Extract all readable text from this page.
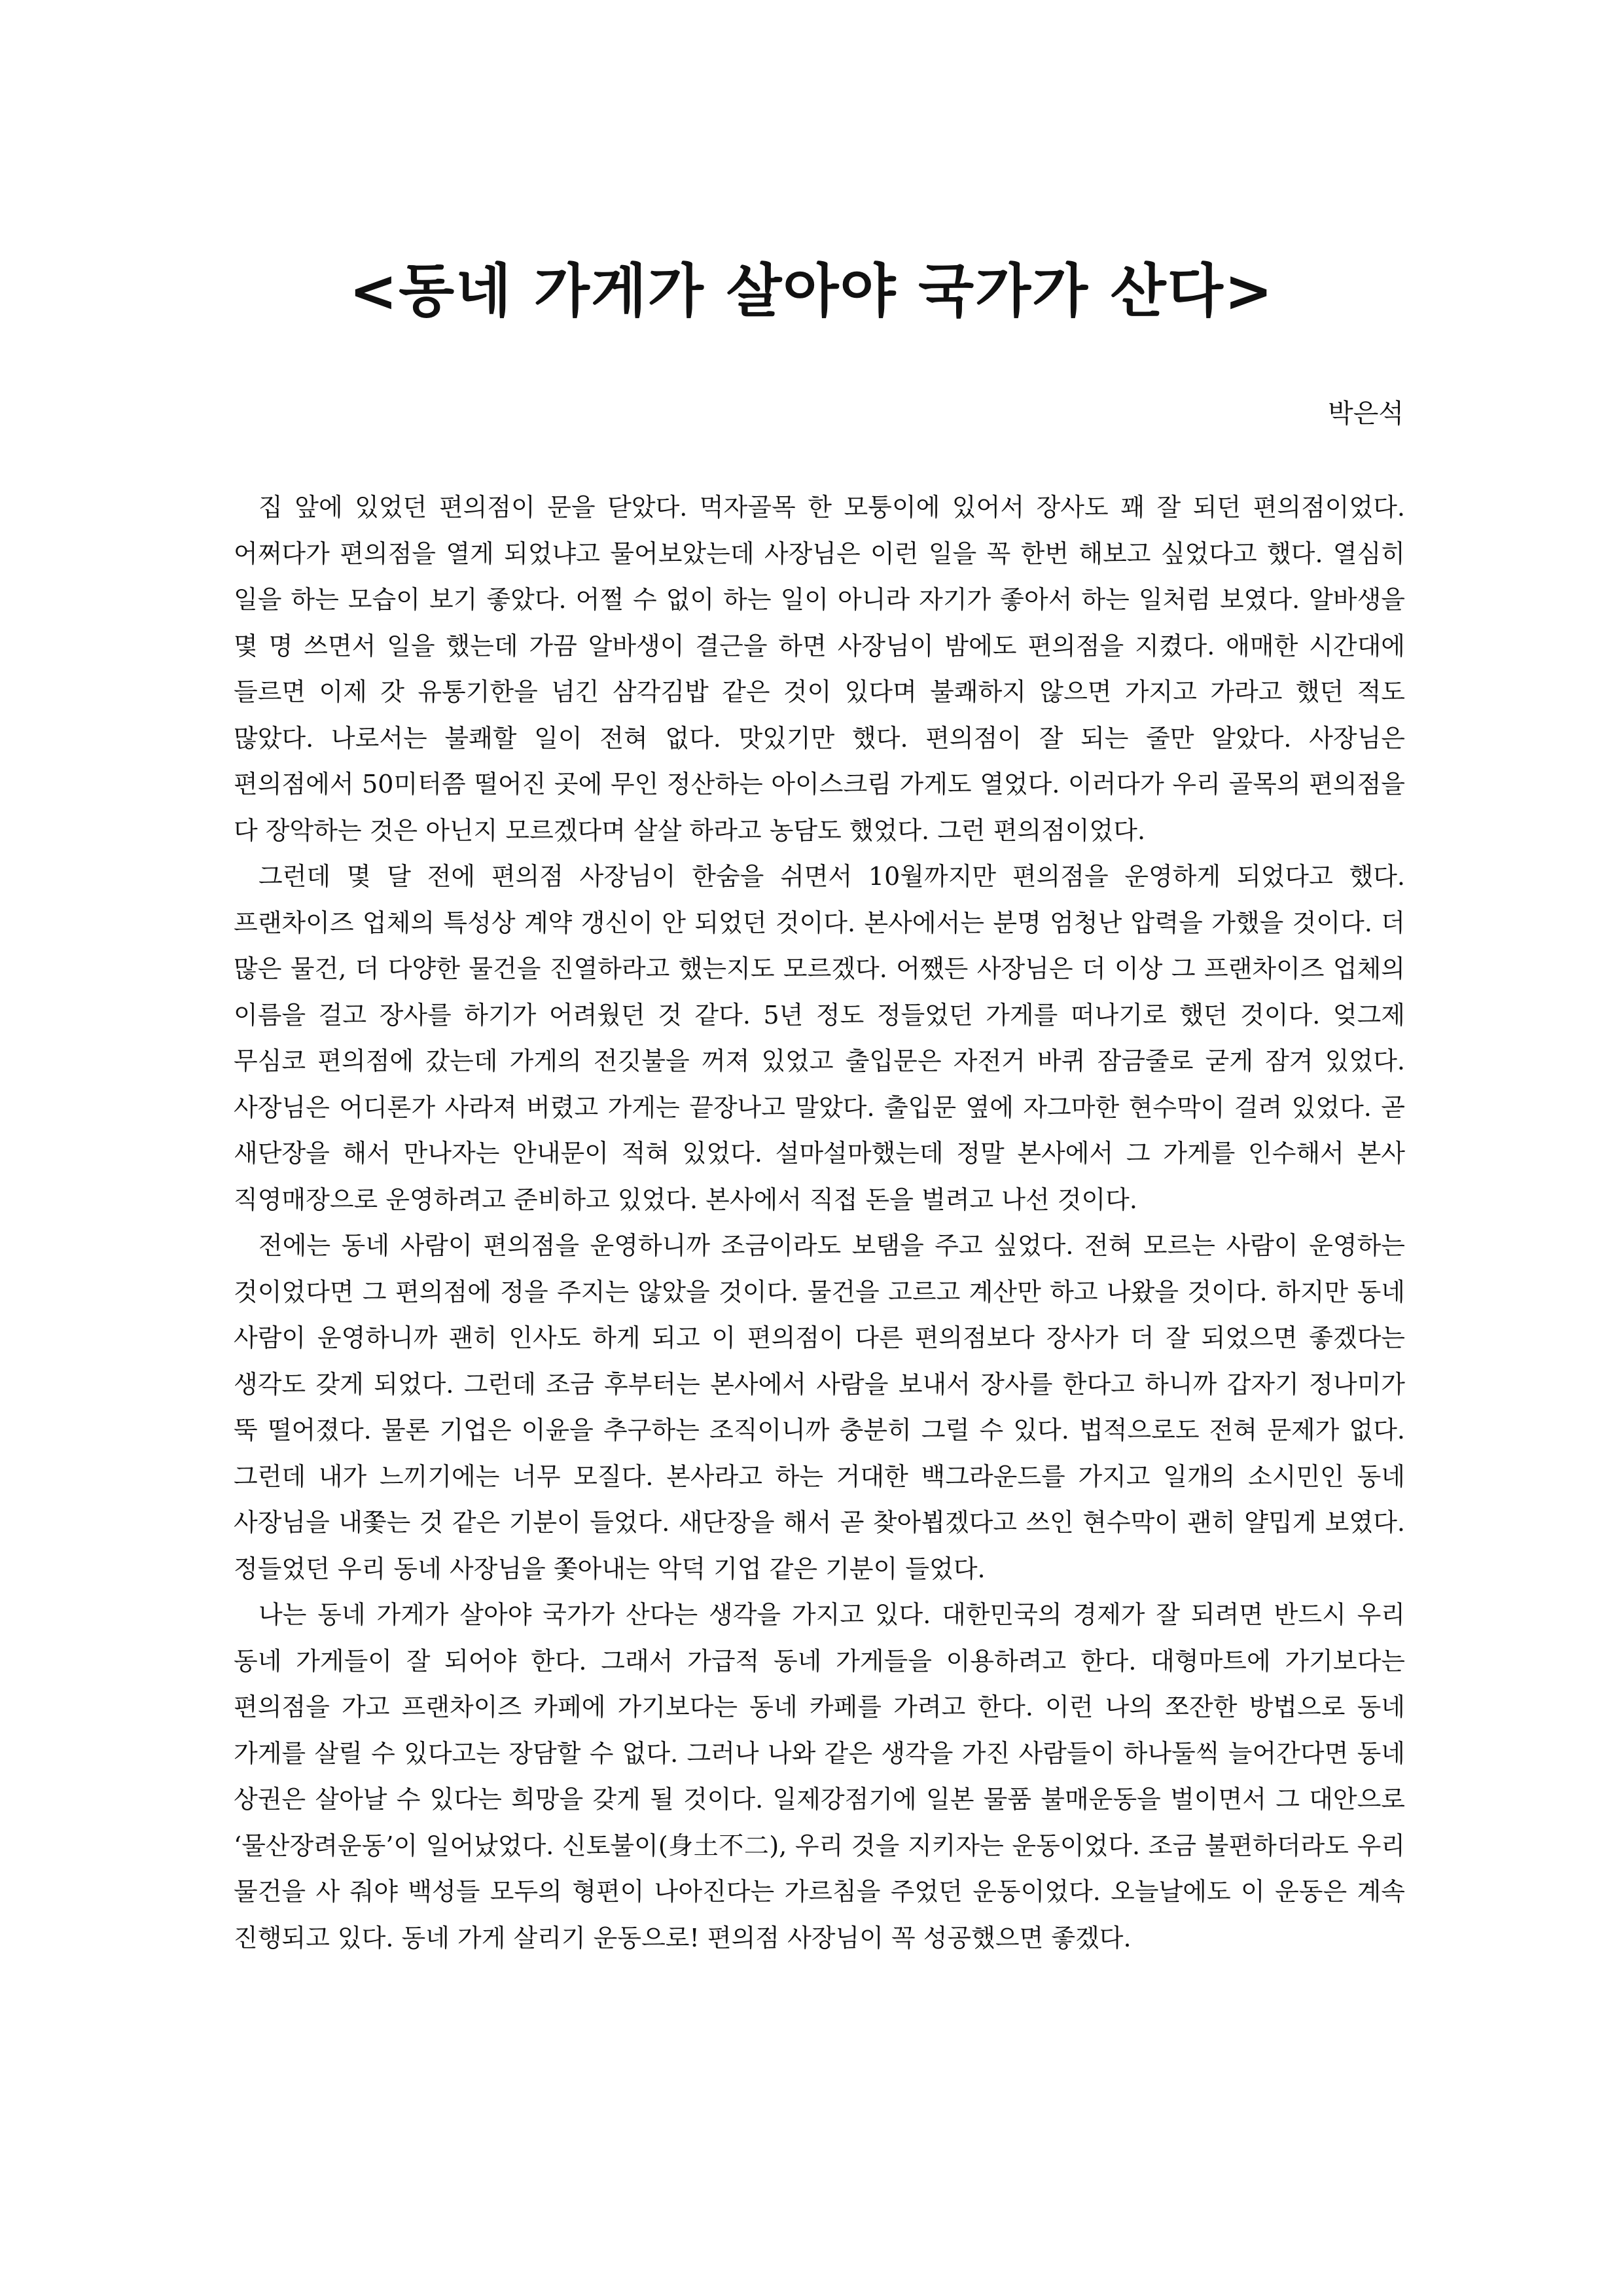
<동네 가게가 살아야 국가가 산다>
박은석

집 앞에 있었던 편의점이 문을 닫았다. 먹자골목 한 모퉁이에 있어서 장사도 꽤 잘 되던 편의점이었다. 어쩌다가 편의점을 열게 되었냐고 물어보았는데 사장님은 이런 일을 꼭 한번 해보고 싶었다고 했다. 열심히 일을 하는 모습이 보기 좋았다. 어쩔 수 없이 하는 일이 아니라 자기가 좋아서 하는 일처럼 보였다. 알바생을 몇 명 쓰면서 일을 했는데 가끔 알바생이 결근을 하면 사장님이 밤에도 편의점을 지켰다. 애매한 시간대에 들르면 이제 갓 유통기한을 넘긴 삼각김밥 같은 것이 있다며 불쾌하지 않으면 가지고 가라고 했던 적도 많았다. 나로서는 불쾌할 일이 전혀 없다. 맛있기만 했다. 편의점이 잘 되는 줄만 알았다. 사장님은 편의점에서 50미터쯤 떨어진 곳에 무인 정산하는 아이스크림 가게도 열었다. 이러다가 우리 골목의 편의점을 다 장악하는 것은 아닌지 모르겠다며 살살 하라고 농담도 했었다. 그런 편의점이었다.

그런데 몇 달 전에 편의점 사장님이 한숨을 쉬면서 10월까지만 편의점을 운영하게 되었다고 했다. 프랜차이즈 업체의 특성상 계약 갱신이 안 되었던 것이다. 본사에서는 분명 엄청난 압력을 가했을 것이다. 더 많은 물건, 더 다양한 물건을 진열하라고 했는지도 모르겠다. 어쨌든 사장님은 더 이상 그 프랜차이즈 업체의 이름을 걸고 장사를 하기가 어려웠던 것 같다. 5년 정도 정들었던 가게를 떠나기로 했던 것이다. 엊그제 무심코 편의점에 갔는데 가게의 전깃불을 꺼져 있었고 출입문은 자전거 바퀴 잠금줄로 굳게 잠겨 있었다. 사장님은 어디론가 사라져 버렸고 가게는 끝장나고 말았다. 출입문 옆에 자그마한 현수막이 걸려 있었다. 곧 새단장을 해서 만나자는 안내문이 적혀 있었다. 설마설마했는데 정말 본사에서 그 가게를 인수해서 본사 직영매장으로 운영하려고 준비하고 있었다. 본사에서 직접 돈을 벌려고 나선 것이다.

전에는 동네 사람이 편의점을 운영하니까 조금이라도 보탬을 주고 싶었다. 전혀 모르는 사람이 운영하는 것이었다면 그 편의점에 정을 주지는 않았을 것이다. 물건을 고르고 계산만 하고 나왔을 것이다. 하지만 동네 사람이 운영하니까 괜히 인사도 하게 되고 이 편의점이 다른 편의점보다 장사가 더 잘 되었으면 좋겠다는 생각도 갖게 되었다. 그런데 조금 후부터는 본사에서 사람을 보내서 장사를 한다고 하니까 갑자기 정나미가 뚝 떨어졌다. 물론 기업은 이윤을 추구하는 조직이니까 충분히 그럴 수 있다. 법적으로도 전혀 문제가 없다. 그런데 내가 느끼기에는 너무 모질다. 본사라고 하는 거대한 백그라운드를 가지고 일개의 소시민인 동네 사장님을 내쫓는 것 같은 기분이 들었다. 새단장을 해서 곧 찾아뵙겠다고 쓰인 현수막이 괜히 얄밉게 보였다. 정들었던 우리 동네 사장님을 쫓아내는 악덕 기업 같은 기분이 들었다.

나는 동네 가게가 살아야 국가가 산다는 생각을 가지고 있다. 대한민국의 경제가 잘 되려면 반드시 우리 동네 가게들이 잘 되어야 한다. 그래서 가급적 동네 가게들을 이용하려고 한다. 대형마트에 가기보다는 편의점을 가고 프랜차이즈 카페에 가기보다는 동네 카페를 가려고 한다. 이런 나의 쪼잔한 방법으로 동네 가게를 살릴 수 있다고는 장담할 수 없다. 그러나 나와 같은 생각을 가진 사람들이 하나둘씩 늘어간다면 동네 상권은 살아날 수 있다는 희망을 갖게 될 것이다. 일제강점기에 일본 물품 불매운동을 벌이면서 그 대안으로 ‘물산장려운동’이 일어났었다. 신토불이(身土不二), 우리 것을 지키자는 운동이었다. 조금 불편하더라도 우리 물건을 사 줘야 백성들 모두의 형편이 나아진다는 가르침을 주었던 운동이었다. 오늘날에도 이 운동은 계속 진행되고 있다. 동네 가게 살리기 운동으로! 편의점 사장님이 꼭 성공했으면 좋겠다.
